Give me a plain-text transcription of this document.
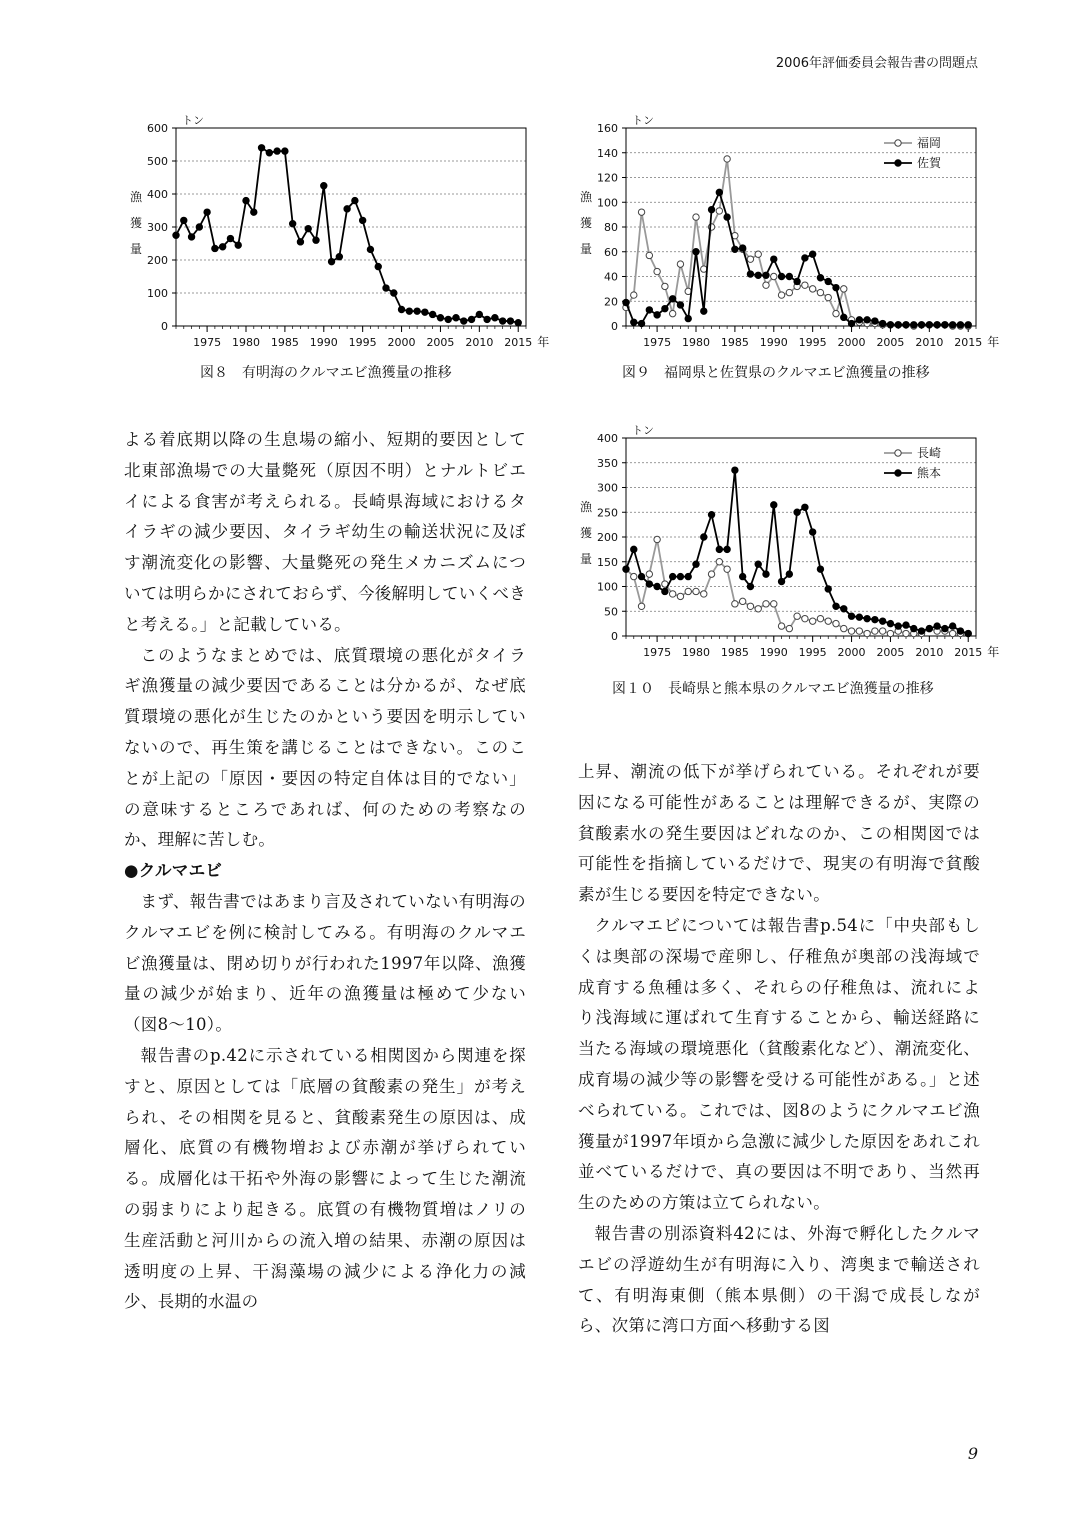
2006年評価委員会報告書の問題点
0
100
200
300
400
500
600
1975 1980 1985 1990 1995 2000 2005 2010 2015 年
トン
漁
獲
量
図８　有明海のクルマエビ漁獲量の推移
0
20
40
60
80
100
120
140
160
1975 1980 1985 1990 1995 2000 2005 2010 2015 年
トン
漁
獲
量
福岡
佐賀
図９　福岡県と佐賀県のクルマエビ漁獲量の推移
0
50
100
150
200
250
300
350
400
1975 1980 1985 1990 1995 2000 2005 2010 2015 年
トン
漁
獲
量
長崎
熊本
図１０　長崎県と熊本県のクルマエビ漁獲量の推移

よる着底期以降の生息場の縮小、短期的要因として北東部漁場での大量斃死（原因不明）とナルトビエイによる食害が考えられる。長崎県海域におけるタイラギの減少要因、タイラギ幼生の輸送状況に及ぼす潮流変化の影響、大量斃死の発生メカニズムについては明らかにされておらず、今後解明していくべきと考える。」と記載している。

このようなまとめでは、底質環境の悪化がタイラギ漁獲量の減少要因であることは分かるが、なぜ底質環境の悪化が生じたのかという要因を明示していないので、再生策を講じることはできない。このことが上記の「原因・要因の特定自体は目的でない」の意味するところであれば、何のための考察なのか、理解に苦しむ。

●クルマエビ

まず、報告書ではあまり言及されていない有明海のクルマエビを例に検討してみる。有明海のクルマエビ漁獲量は、閉め切りが行われた1997年以降、漁獲量の減少が始まり、近年の漁獲量は極めて少ない（図8～10）。

報告書のp.42に示されている相関図から関連を探すと、原因としては「底層の貧酸素の発生」が考えられ、その相関を見ると、貧酸素発生の原因は、成層化、底質の有機物増および赤潮が挙げられている。成層化は干拓や外海の影響によって生じた潮流の弱まりにより起きる。底質の有機物質増はノリの生産活動と河川からの流入増の結果、赤潮の原因は透明度の上昇、干潟藻場の減少による浄化力の減少、長期的水温の

上昇、潮流の低下が挙げられている。それぞれが要因になる可能性があることは理解できるが、実際の貧酸素水の発生要因はどれなのか、この相関図では可能性を指摘しているだけで、現実の有明海で貧酸素が生じる要因を特定できない。

クルマエビについては報告書p.54に「中央部もしくは奥部の深場で産卵し、仔稚魚が奥部の浅海域で成育する魚種は多く、それらの仔稚魚は、流れにより浅海域に運ばれて生育することから、輸送経路に当たる海域の環境悪化（貧酸素化など）、潮流変化、成育場の減少等の影響を受ける可能性がある。」と述べられている。これでは、図8のようにクルマエビ漁獲量が1997年頃から急激に減少した原因をあれこれ並べているだけで、真の要因は不明であり、当然再生のための方策は立てられない。

報告書の別添資料42には、外海で孵化したクルマエビの浮遊幼生が有明海に入り、湾奥まで輸送されて、有明海東側（熊本県側）の干潟で成長しながら、次第に湾口方面へ移動する図

9
